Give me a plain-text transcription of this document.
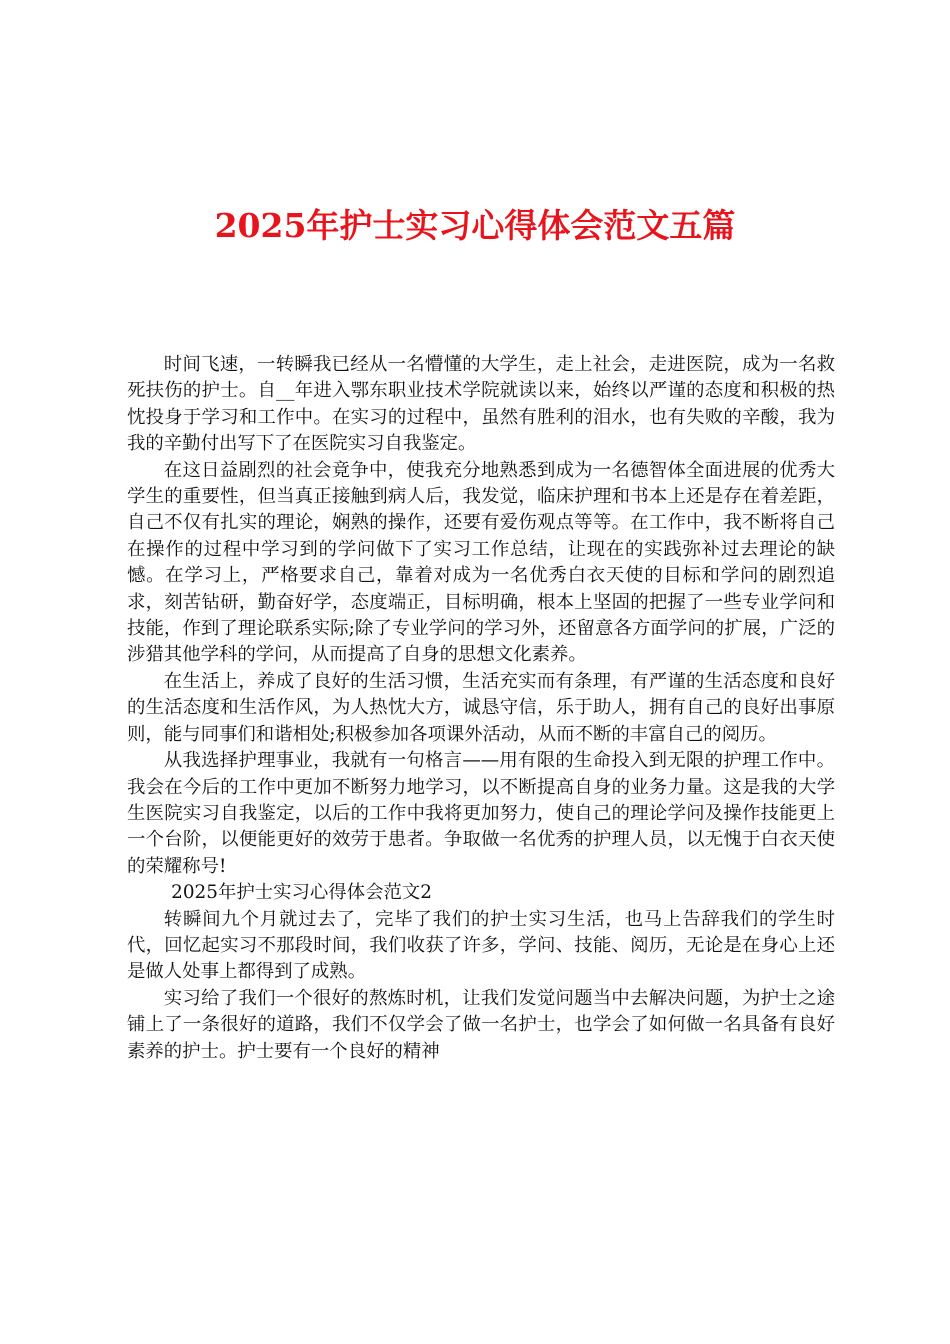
2025年护士实习心得体会范文五篇

时间飞速，一转瞬我已经从一名懵懂的大学生，走上社会，走进医院，成为一名救死扶伤的护士。自__年进入鄂东职业技术学院就读以来，始终以严谨的态度和积极的热忱投身于学习和工作中。在实习的过程中，虽然有胜利的泪水，也有失败的辛酸，我为我的辛勤付出写下了在医院实习自我鉴定。

在这日益剧烈的社会竟争中，使我充分地熟悉到成为一名德智体全面进展的优秀大学生的重要性，但当真正接触到病人后，我发觉，临床护理和书本上还是存在着差距，自己不仅有扎实的理论，娴熟的操作，还要有爱伤观点等等。在工作中，我不断将自己在操作的过程中学习到的学问做下了实习工作总结，让现在的实践弥补过去理论的缺憾。在学习上，严格要求自己，靠着对成为一名优秀白衣天使的目标和学问的剧烈追求，刻苦钻研，勤奋好学，态度端正，目标明确，根本上坚固的把握了一些专业学问和技能，作到了理论联系实际;除了专业学问的学习外，还留意各方面学问的扩展，广泛的涉猎其他学科的学问，从而提高了自身的思想文化素养。

在生活上，养成了良好的生活习惯，生活充实而有条理，有严谨的生活态度和良好的生活态度和生活作风，为人热忱大方，诚恳守信，乐于助人，拥有自己的良好出事原则，能与同事们和谐相处;积极参加各项课外活动，从而不断的丰富自己的阅历。

从我选择护理事业，我就有一句格言——用有限的生命投入到无限的护理工作中。我会在今后的工作中更加不断努力地学习，以不断提高自身的业务力量。这是我的大学生医院实习自我鉴定，以后的工作中我将更加努力，使自己的理论学问及操作技能更上一个台阶，以便能更好的效劳于患者。争取做一名优秀的护理人员，以无愧于白衣天使的荣耀称号!

2025年护士实习心得体会范文2

转瞬间九个月就过去了，完毕了我们的护士实习生活，也马上告辞我们的学生时代，回忆起实习不那段时间，我们收获了许多，学问、技能、阅历，无论是在身心上还是做人处事上都得到了成熟。

实习给了我们一个很好的熬炼时机，让我们发觉问题当中去解决问题，为护士之途铺上了一条很好的道路，我们不仅学会了做一名护士，也学会了如何做一名具备有良好素养的护士。护士要有一个良好的精神
